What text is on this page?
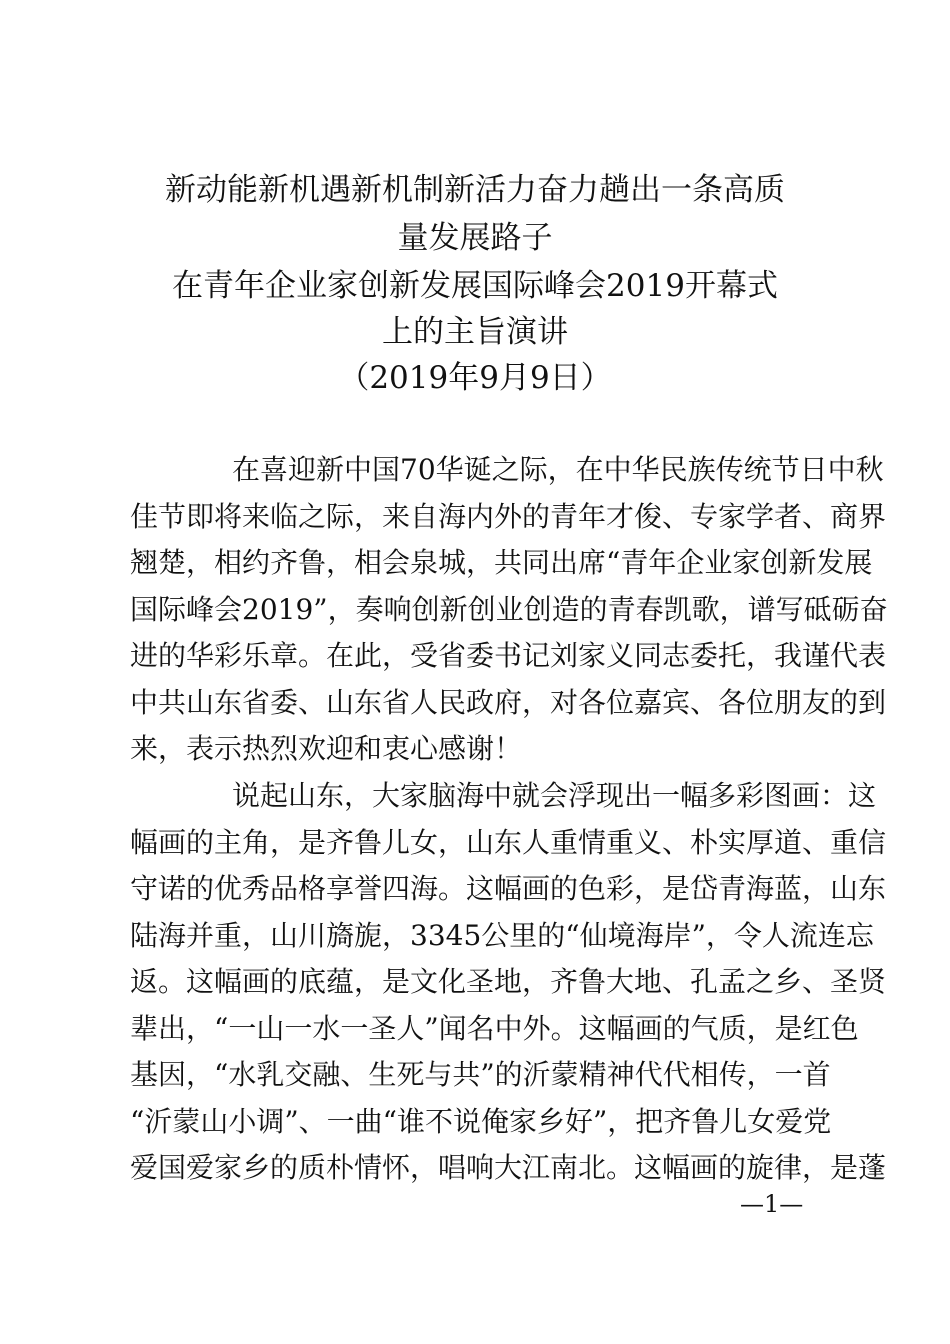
新动能新机遇新机制新活力奋力趟出一条高质
量发展路子
在青年企业家创新发展国际峰会2019开幕式
上的主旨演讲
（2019年9月9日）
在喜迎新中国70华诞之际，在中华民族传统节日中秋
佳节即将来临之际，来自海内外的青年才俊、专家学者、商界
翘楚，相约齐鲁，相会泉城，共同出席“青年企业家创新发展
国际峰会2019”，奏响创新创业创造的青春凯歌，谱写砥砺奋
进的华彩乐章。在此，受省委书记刘家义同志委托，我谨代表
中共山东省委、山东省人民政府，对各位嘉宾、各位朋友的到
来，表示热烈欢迎和衷心感谢！
说起山东，大家脑海中就会浮现出一幅多彩图画：这
幅画的主角，是齐鲁儿女，山东人重情重义、朴实厚道、重信
守诺的优秀品格享誉四海。这幅画的色彩，是岱青海蓝，山东
陆海并重，山川旖旎，3345公里的“仙境海岸”，令人流连忘
返。这幅画的底蕴，是文化圣地，齐鲁大地、孔孟之乡、圣贤
辈出，“一山一水一圣人”闻名中外。这幅画的气质，是红色
基因，“水乳交融、生死与共”的沂蒙精神代代相传，一首
“沂蒙山小调”、一曲“谁不说俺家乡好”，把齐鲁儿女爱党
爱国爱家乡的质朴情怀，唱响大江南北。这幅画的旋律，是蓬
—1—
